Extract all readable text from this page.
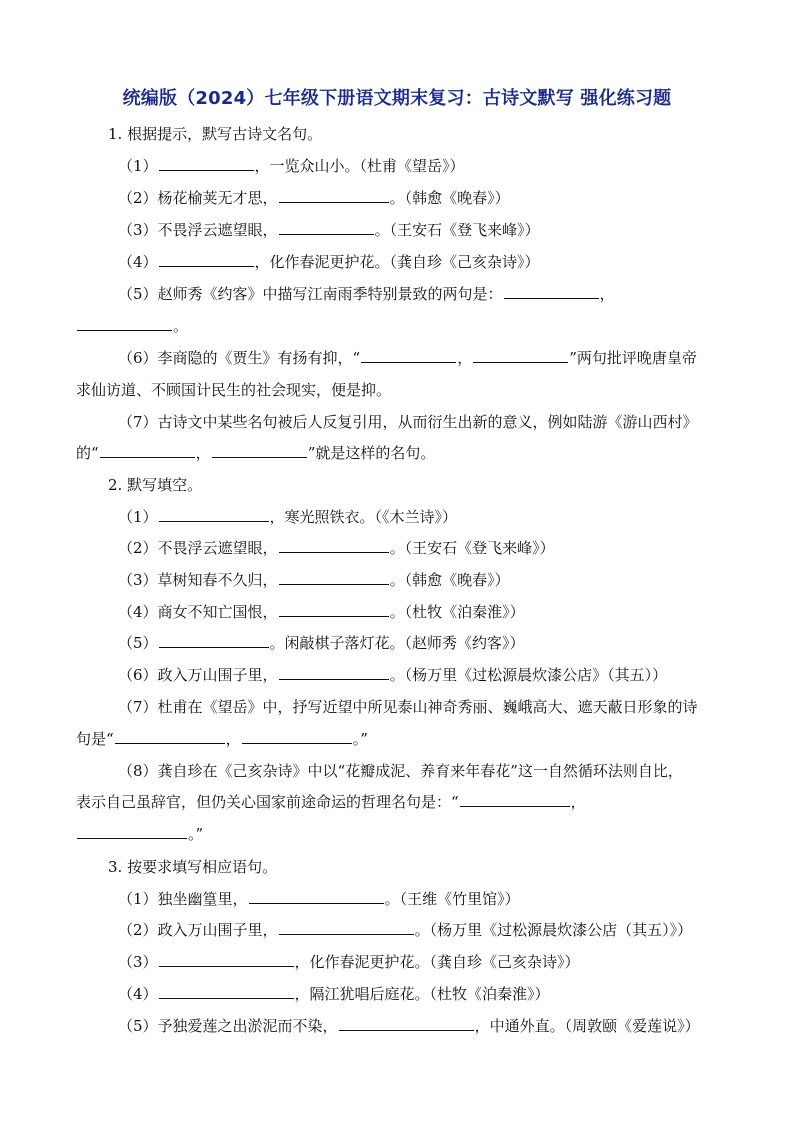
统编版（2024）七年级下册语文期末复习：古诗文默写 强化练习题
1. 根据提示，默写古诗文名句。
（1）	，一览众山小。（杜甫《望岳》）
（2）杨花榆荚无才思，	。（韩愈《晚春》）
（3）不畏浮云遮望眼，	。（王安石《登飞来峰》）
（4）	，化作春泥更护花。（龚自珍《己亥杂诗》）
（5）赵师秀《约客》中描写江南雨季特别景致的两句是：	，
。
（6）李商隐的《贾生》有扬有抑，“	，	”两句批评晚唐皇帝
求仙访道、不顾国计民生的社会现实，便是抑。
（7）古诗文中某些名句被后人反复引用，从而衍生出新的意义，例如陆游《游山西村》
的“	，	”就是这样的名句。
2. 默写填空。
（1）	，寒光照铁衣。（《木兰诗》）
（2）不畏浮云遮望眼，	。（王安石《登飞来峰》）
（3）草树知春不久归，	。（韩愈《晚春》）
（4）商女不知亡国恨，	。（杜牧《泊秦淮》）
（5）	。闲敲棋子落灯花。（赵师秀《约客》）
（6）政入万山围子里，	。（杨万里《过松源晨炊漆公店》（其五））
（7）杜甫在《望岳》中，抒写近望中所见泰山神奇秀丽、巍峨高大、遮天蔽日形象的诗
句是“	，	。”
（8）龚自珍在《己亥杂诗》中以“花瓣成泥、养育来年春花”这一自然循环法则自比，
表示自己虽辞官，但仍关心国家前途命运的哲理名句是：“	，
。”
3. 按要求填写相应语句。
（1）独坐幽篁里，	。（王维《竹里馆》）
（2）政入万山围子里，	。（杨万里《过松源晨炊漆公店（其五）》）
（3）	，化作春泥更护花。（龚自珍《己亥杂诗》）
（4）	，隔江犹唱后庭花。（杜牧《泊秦淮》）
（5）予独爱莲之出淤泥而不染，	，中通外直。（周敦颐《爱莲说》）
